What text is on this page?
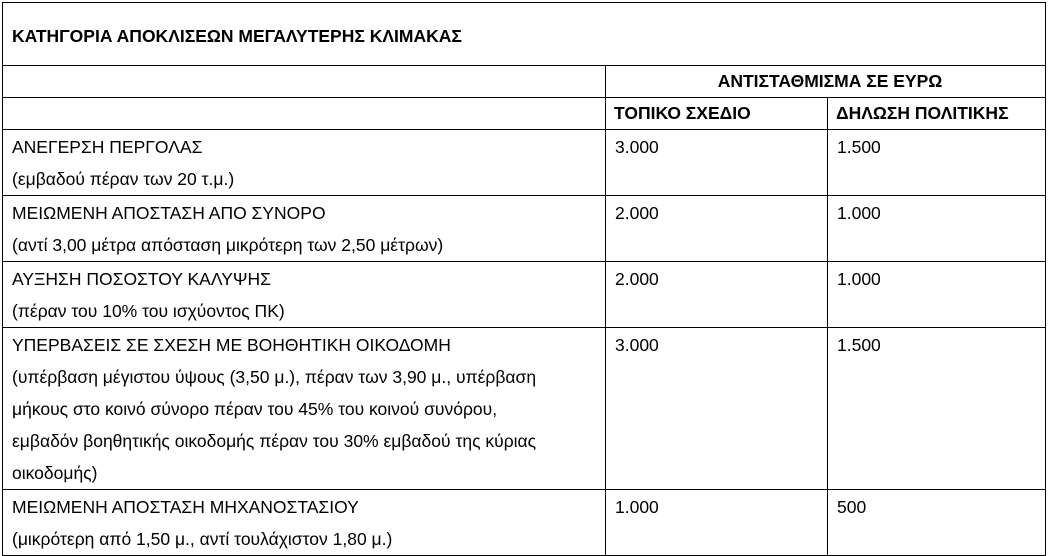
ΚΑΤΗΓΟΡΙΑ ΑΠΟΚΛΙΣΕΩΝ ΜΕΓΑΛΥΤΕΡΗΣ ΚΛΙΜΑΚΑΣ		
	ΑΝΤΙΣΤΑΘΜΙΣΜΑ ΣΕ ΕΥΡΩ	
	ΤΟΠΙΚΟ ΣΧΕΔΙΟ	ΔΗΛΩΣΗ ΠΟΛΙΤΙΚΗΣ

ΑΝΕΓΕΡΣΗ ΠΕΡΓΟΛΑΣ
(εμβαδού πέραν των 20 τ.μ.)	3.000	1.500

ΜΕΙΩΜΕΝΗ ΑΠΟΣΤΑΣΗ ΑΠΟ ΣΥΝΟΡΟ
(αντί 3,00 μέτρα απόσταση μικρότερη των 2,50 μέτρων)	2.000	1.000

ΑΥΞΗΣΗ ΠΟΣΟΣΤΟΥ ΚΑΛΥΨΗΣ
(πέραν του 10% του ισχύοντος ΠΚ)	2.000	1.000

ΥΠΕΡΒΑΣΕΙΣ ΣΕ ΣΧΕΣΗ ΜΕ ΒΟΗΘΗΤΙΚΗ ΟΙΚΟΔΟΜΗ
(υπέρβαση μέγιστου ύψους (3,50 μ.), πέραν των 3,90 μ., υπέρβαση
μήκους στο κοινό σύνορο πέραν του 45% του κοινού συνόρου,
εμβαδόν βοηθητικής οικοδομής πέραν του 30% εμβαδού της κύριας
οικοδομής)	3.000	1.500

ΜΕΙΩΜΕΝΗ ΑΠΟΣΤΑΣΗ ΜΗΧΑΝΟΣΤΑΣΙΟΥ
(μικρότερη από 1,50 μ., αντί τουλάχιστον 1,80 μ.)	1.000	500
